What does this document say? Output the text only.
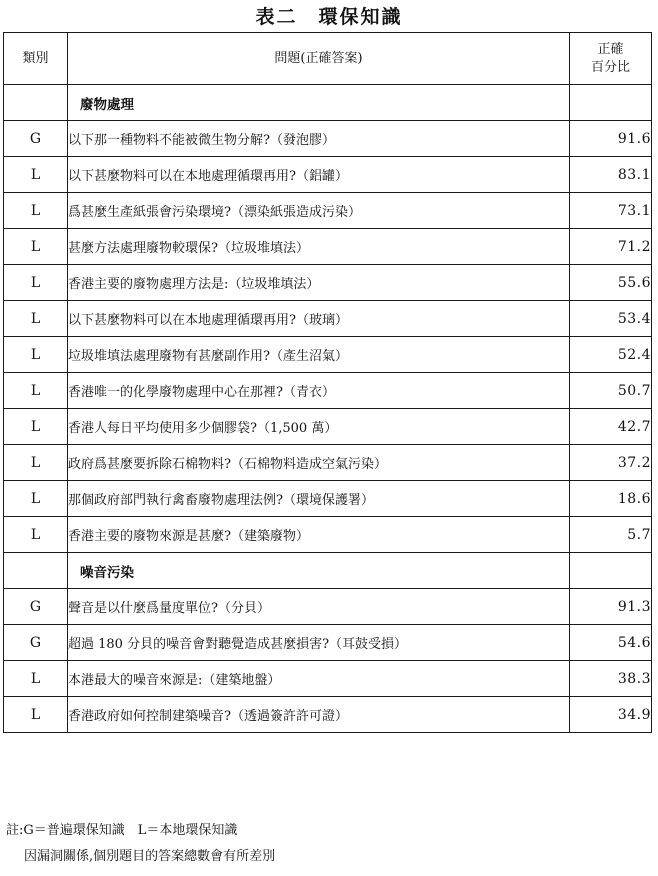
表二　環保知識
類別	問題(正確答案)	正確
百分比
	廢物處理	
G	以下那一種物料不能被微生物分解?（發泡膠）	91.6
L	以下甚麼物料可以在本地處理循環再用?（鋁罐）	83.1
L	爲甚麼生產紙張會污染環境?（漂染紙張造成污染）	73.1
L	甚麼方法處理廢物較環保?（垃圾堆填法）	71.2
L	香港主要的廢物處理方法是:（垃圾堆填法）	55.6
L	以下甚麼物料可以在本地處理循環再用?（玻璃）	53.4
L	垃圾堆填法處理廢物有甚麼副作用?（產生沼氣）	52.4
L	香港唯一的化學廢物處理中心在那裡?（青衣）	50.7
L	香港人每日平均使用多少個膠袋?（1,500 萬）	42.7
L	政府爲甚麼要拆除石棉物料?（石棉物料造成空氣污染）	37.2
L	那個政府部門執行禽畜廢物處理法例?（環境保護署）	18.6
L	香港主要的廢物來源是甚麼?（建築廢物）	5.7
	噪音污染	
G	聲音是以什麼爲量度單位?（分貝）	91.3
G	超過 180 分貝的噪音會對聽覺造成甚麼損害?（耳鼓受損）	54.6
L	本港最大的噪音來源是:（建築地盤）	38.3
L	香港政府如何控制建築噪音?（透過簽許許可證）	34.9
註:G＝普遍環保知識　L＝本地環保知識
因漏洞關係,個別題目的答案總數會有所差別
